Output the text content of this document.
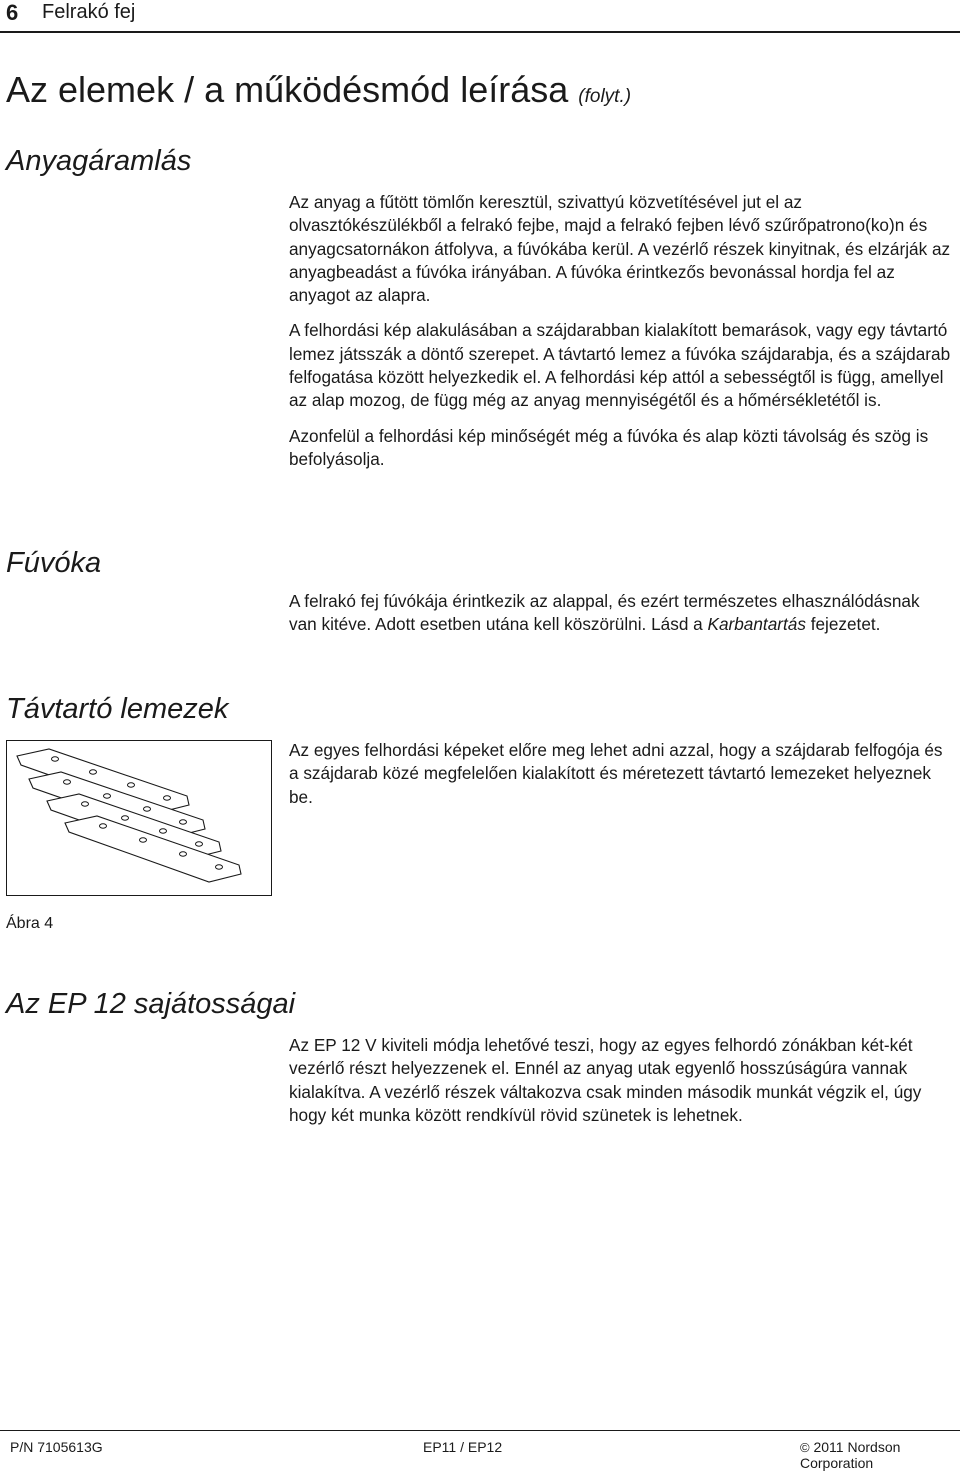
6 Felrakó fej
Az elemek / a működésmód leírása (folyt.)
Anyagáramlás

Az anyag a fűtött tömlőn keresztül, szivattyú közvetítésével jut el az olvasztókészülékből a felrakó fejbe, majd a felrakó fejben lévő szűrőpatrono(ko)n és anyagcsatornákon átfolyva, a fúvókába kerül. A vezérlő részek kinyitnak, és elzárják az anyagbeadást a fúvóka irányában. A fúvóka érintkezős bevonással hordja fel az anyagot az alapra.

A felhordási kép alakulásában a szájdarabban kialakított bemarások, vagy egy távtartó lemez játsszák a döntő szerepet. A távtartó lemez a fúvóka szájdarabja, és a szájdarab felfogatása között helyezkedik el. A felhordási kép attól a sebességtől is függ, amellyel az alap mozog, de függ még az anyag mennyiségétől és a hőmérsékletétől is.

Azonfelül a felhordási kép minőségét még a fúvóka és alap közti távolság és szög is befolyásolja.

Fúvóka

A felrakó fej fúvókája érintkezik az alappal, és ezért természetes elhasználódásnak van kitéve. Adott esetben utána kell köszörülni. Lásd a Karbantartás fejezetet.

Távtartó lemezek

Az egyes felhordási képeket előre meg lehet adni azzal, hogy a szájdarab felfogója és a szájdarab közé megfelelően kialakított és méretezett távtartó lemezeket helyeznek be.

Ábra 4
Az EP 12 sajátosságai

Az EP 12 V kiviteli módja lehetővé teszi, hogy az egyes felhordó zónákban két-két vezérlő részt helyezzenek el. Ennél az anyag utak egyenlő hosszúságúra vannak kialakítva. A vezérlő részek váltakozva csak minden második munkát végzik el, úgy hogy két munka között rendkívül rövid szünetek is lehetnek.

P/N 7105613G	EP11 / EP12	© 2011 Nordson Corporation
